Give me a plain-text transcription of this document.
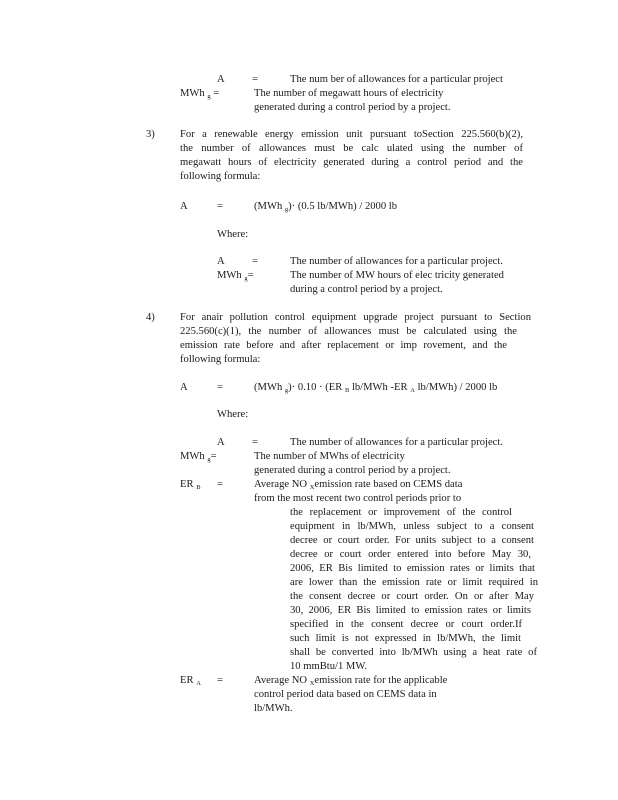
A	=	The num ber of allowances for a particular project
MWh $_g$ =	The number of megawatt hours of electricity
generated during a control period by a project.
3) For a renewable energy emission unit pursuant toSection 225.560(b)(2),
the number of allowances must be calc ulated using the number of
megawatt hours of electricity generated during a control period and the
following formula:
A	=	(MWh $_g$)· (0.5 lb/MWh) / 2000 lb
Where:
A	=	The number of allowances for a particular project.
MWh $_g$=	The number of MW hours of elec tricity generated
during a control period by a project.
4) For anair pollution control equipment upgrade project pursuant to Section
225.560(c)(1), the number of allowances must be calculated using the
emission rate before and after replacement or imp rovement, and the
following formula:
A	=	(MWh $_g$)· 0.10 · (ER $_B$ lb/MWh -ER $_A$ lb/MWh) / 2000 lb
Where:
A	=	The number of allowances for a particular project.
MWh $_g$=	The number of MWhs of electricity
generated during a control period by a project.
ER $_B$ =	Average NO $_X$emission rate based on CEMS data
from the most recent two control periods prior to
the replacement or improvement of the control
equipment in lb/MWh, unless subject to a consent
decree or court order. For units subject to a consent
decree or court order entered into before May 30,
2006, ER Bis limited to emission rates or limits that
are lower than the emission rate or limit required in
the consent decree or court order. On or after May
30, 2006, ER Bis limited to emission rates or limits
specified in the consent decree or court order.If
such limit is not expressed in lb/MWh, the limit
shall be converted into lb/MWh using a heat rate of
10 mmBtu/1 MW.
ER $_A$ =	Average NO $_X$emission rate for the applicable
control period data based on CEMS data in
lb/MWh.
